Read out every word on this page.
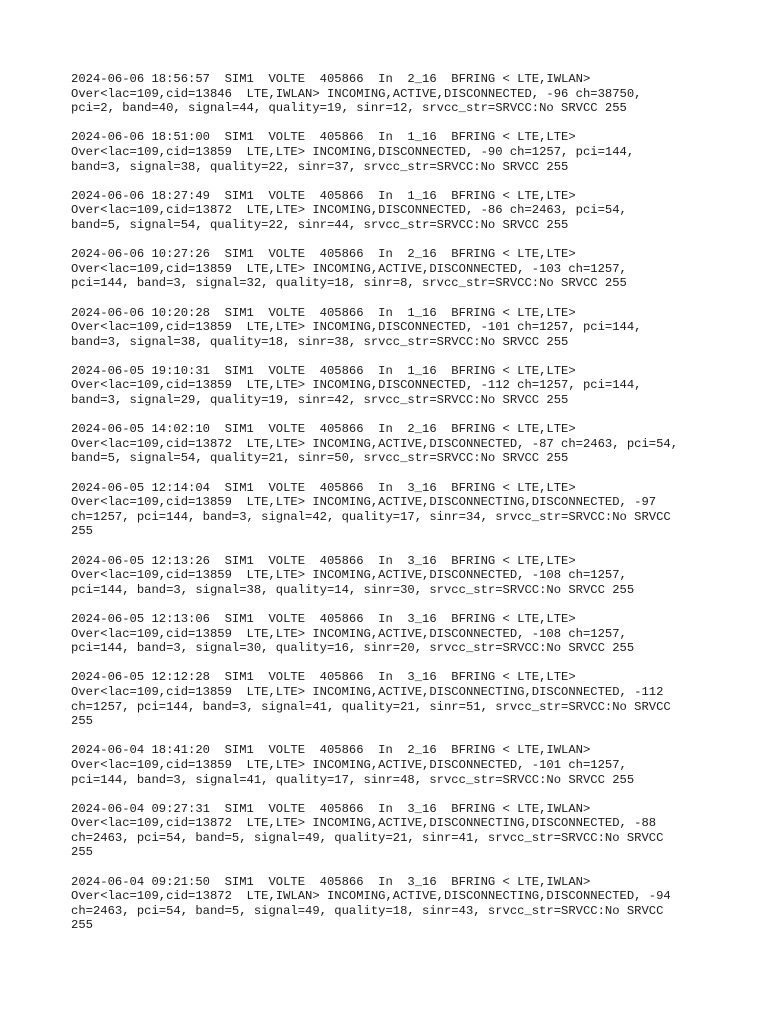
2024-06-06 18:56:57  SIM1  VOLTE  405866  In  2_16  BFRING < LTE,IWLAN>
Over<lac=109,cid=13846  LTE,IWLAN> INCOMING,ACTIVE,DISCONNECTED, -96 ch=38750,
pci=2, band=40, signal=44, quality=19, sinr=12, srvcc_str=SRVCC:No SRVCC 255
2024-06-06 18:51:00  SIM1  VOLTE  405866  In  1_16  BFRING < LTE,LTE>
Over<lac=109,cid=13859  LTE,LTE> INCOMING,DISCONNECTED, -90 ch=1257, pci=144,
band=3, signal=38, quality=22, sinr=37, srvcc_str=SRVCC:No SRVCC 255
2024-06-06 18:27:49  SIM1  VOLTE  405866  In  1_16  BFRING < LTE,LTE>
Over<lac=109,cid=13872  LTE,LTE> INCOMING,DISCONNECTED, -86 ch=2463, pci=54,
band=5, signal=54, quality=22, sinr=44, srvcc_str=SRVCC:No SRVCC 255
2024-06-06 10:27:26  SIM1  VOLTE  405866  In  2_16  BFRING < LTE,LTE>
Over<lac=109,cid=13859  LTE,LTE> INCOMING,ACTIVE,DISCONNECTED, -103 ch=1257,
pci=144, band=3, signal=32, quality=18, sinr=8, srvcc_str=SRVCC:No SRVCC 255
2024-06-06 10:20:28  SIM1  VOLTE  405866  In  1_16  BFRING < LTE,LTE>
Over<lac=109,cid=13859  LTE,LTE> INCOMING,DISCONNECTED, -101 ch=1257, pci=144,
band=3, signal=38, quality=18, sinr=38, srvcc_str=SRVCC:No SRVCC 255
2024-06-05 19:10:31  SIM1  VOLTE  405866  In  1_16  BFRING < LTE,LTE>
Over<lac=109,cid=13859  LTE,LTE> INCOMING,DISCONNECTED, -112 ch=1257, pci=144,
band=3, signal=29, quality=19, sinr=42, srvcc_str=SRVCC:No SRVCC 255
2024-06-05 14:02:10  SIM1  VOLTE  405866  In  2_16  BFRING < LTE,LTE>
Over<lac=109,cid=13872  LTE,LTE> INCOMING,ACTIVE,DISCONNECTED, -87 ch=2463, pci=54,
band=5, signal=54, quality=21, sinr=50, srvcc_str=SRVCC:No SRVCC 255
2024-06-05 12:14:04  SIM1  VOLTE  405866  In  3_16  BFRING < LTE,LTE>
Over<lac=109,cid=13859  LTE,LTE> INCOMING,ACTIVE,DISCONNECTING,DISCONNECTED, -97
ch=1257, pci=144, band=3, signal=42, quality=17, sinr=34, srvcc_str=SRVCC:No SRVCC
255
2024-06-05 12:13:26  SIM1  VOLTE  405866  In  3_16  BFRING < LTE,LTE>
Over<lac=109,cid=13859  LTE,LTE> INCOMING,ACTIVE,DISCONNECTED, -108 ch=1257,
pci=144, band=3, signal=38, quality=14, sinr=30, srvcc_str=SRVCC:No SRVCC 255
2024-06-05 12:13:06  SIM1  VOLTE  405866  In  3_16  BFRING < LTE,LTE>
Over<lac=109,cid=13859  LTE,LTE> INCOMING,ACTIVE,DISCONNECTED, -108 ch=1257,
pci=144, band=3, signal=30, quality=16, sinr=20, srvcc_str=SRVCC:No SRVCC 255
2024-06-05 12:12:28  SIM1  VOLTE  405866  In  3_16  BFRING < LTE,LTE>
Over<lac=109,cid=13859  LTE,LTE> INCOMING,ACTIVE,DISCONNECTING,DISCONNECTED, -112
ch=1257, pci=144, band=3, signal=41, quality=21, sinr=51, srvcc_str=SRVCC:No SRVCC
255
2024-06-04 18:41:20  SIM1  VOLTE  405866  In  2_16  BFRING < LTE,IWLAN>
Over<lac=109,cid=13859  LTE,LTE> INCOMING,ACTIVE,DISCONNECTED, -101 ch=1257,
pci=144, band=3, signal=41, quality=17, sinr=48, srvcc_str=SRVCC:No SRVCC 255
2024-06-04 09:27:31  SIM1  VOLTE  405866  In  3_16  BFRING < LTE,IWLAN>
Over<lac=109,cid=13872  LTE,LTE> INCOMING,ACTIVE,DISCONNECTING,DISCONNECTED, -88
ch=2463, pci=54, band=5, signal=49, quality=21, sinr=41, srvcc_str=SRVCC:No SRVCC
255
2024-06-04 09:21:50  SIM1  VOLTE  405866  In  3_16  BFRING < LTE,IWLAN>
Over<lac=109,cid=13872  LTE,IWLAN> INCOMING,ACTIVE,DISCONNECTING,DISCONNECTED, -94
ch=2463, pci=54, band=5, signal=49, quality=18, sinr=43, srvcc_str=SRVCC:No SRVCC
255
